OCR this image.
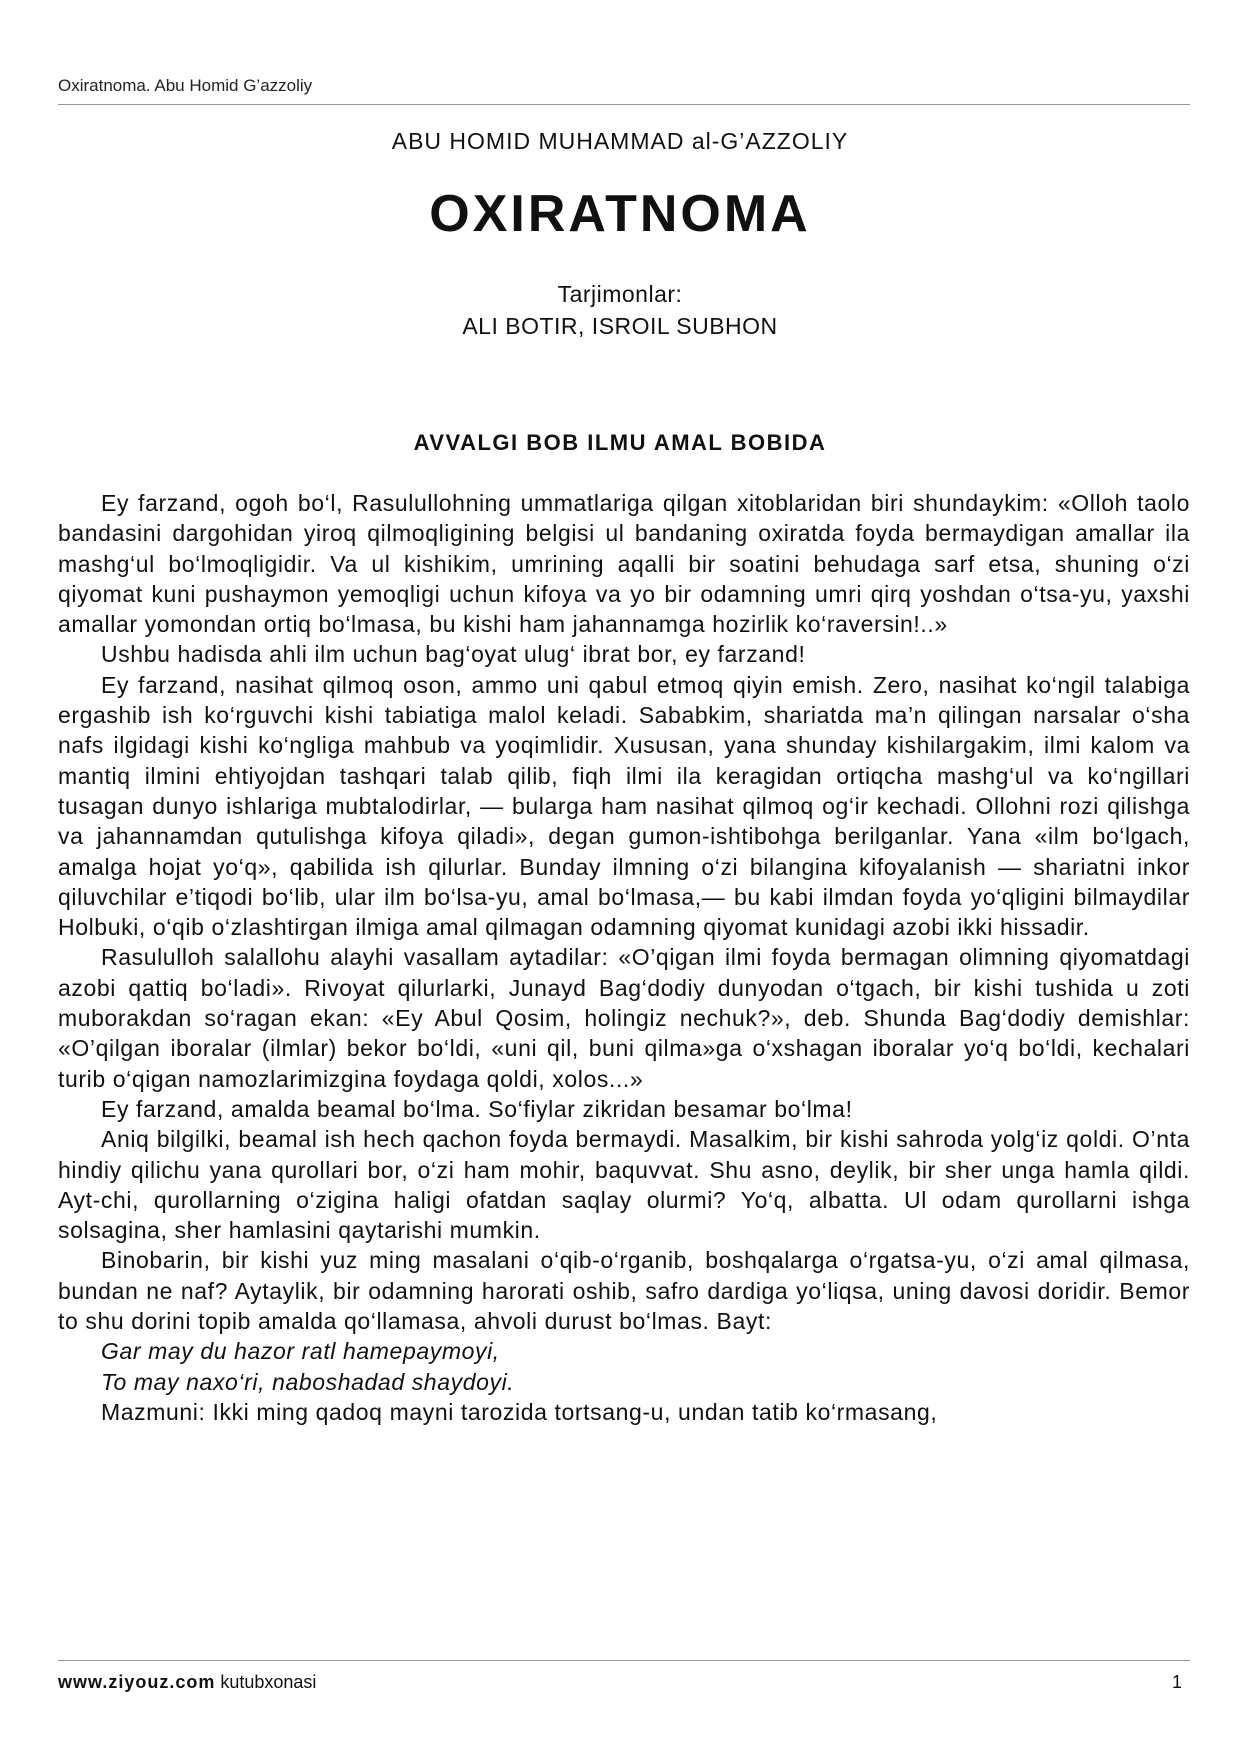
Oxiratnoma. Abu Homid G’azzoliy
ABU HOMID MUHAMMAD al-G’AZZOLIY
OXIRATNOMA
Tarjimonlar:
ALI BOTIR, ISROIL SUBHON
AVVALGI BOB ILMU AMAL BOBIDA

Ey farzand, ogoh bo‘l, Rasulullohning ummatlariga qilgan xitoblaridan biri shundaykim: «Olloh taolo bandasini dargohidan yiroq qilmoqligining belgisi ul bandaning oxiratda foyda bermaydigan amallar ila mashg‘ul bo‘lmoqligidir. Va ul kishikim, umrining aqalli bir soatini behudaga sarf etsa, shuning o‘zi qiyomat kuni pushaymon yemoqligi uchun kifoya va yo bir odamning umri qirq yoshdan o‘tsa-yu, yaxshi amallar yomondan ortiq bo‘lmasa, bu kishi ham jahannamga hozirlik ko‘raversin!..»

Ushbu hadisda ahli ilm uchun bag‘oyat ulug‘ ibrat bor, ey farzand!

Ey farzand, nasihat qilmoq oson, ammo uni qabul etmoq qiyin emish. Zero, nasihat ko‘ngil talabiga ergashib ish ko‘rguvchi kishi tabiatiga malol keladi. Sababkim, shariatda ma’n qilingan narsalar o‘sha nafs ilgidagi kishi ko‘ngliga mahbub va yoqimlidir. Xususan, yana shunday kishilargakim, ilmi kalom va mantiq ilmini ehtiyojdan tashqari talab qilib, fiqh ilmi ila keragidan ortiqcha mashg‘ul va ko‘ngillari tusagan dunyo ishlariga mubtalodirlar, — bularga ham nasihat qilmoq og‘ir kechadi. Ollohni rozi qilishga va jahannamdan qutulishga kifoya qiladi», degan gumon-ishtibohga berilganlar. Yana «ilm bo‘lgach, amalga hojat yo‘q», qabilida ish qilurlar. Bunday ilmning o‘zi bilangina kifoyalanish — shariatni inkor qiluvchilar e’tiqodi bo‘lib, ular ilm bo‘lsa-yu, amal bo‘lmasa,— bu kabi ilmdan foyda yo‘qligini bilmaydilar Holbuki, o‘qib o‘zlashtirgan ilmiga amal qilmagan odamning qiyomat kunidagi azobi ikki hissadir.

Rasululloh salallohu alayhi vasallam aytadilar: «O’qigan ilmi foyda bermagan olimning qiyomatdagi azobi qattiq bo‘ladi». Rivoyat qilurlarki, Junayd Bag‘dodiy dunyodan o‘tgach, bir kishi tushida u zoti muborakdan so‘ragan ekan: «Ey Abul Qosim, holingiz nechuk?», deb. Shunda Bag‘dodiy demishlar: «O’qilgan iboralar (ilmlar) bekor bo‘ldi, «uni qil, buni qilma»ga o‘xshagan iboralar yo‘q bo‘ldi, kechalari turib o‘qigan namozlarimizgina foydaga qoldi, xolos...»

Ey farzand, amalda beamal bo‘lma. So‘fiylar zikridan besamar bo‘lma!

Aniq bilgilki, beamal ish hech qachon foyda bermaydi. Masalkim, bir kishi sahroda yolg‘iz qoldi. O’nta hindiy qilichu yana qurollari bor, o‘zi ham mohir, baquvvat. Shu asno, deylik, bir sher unga hamla qildi. Ayt-chi, qurollarning o‘zigina haligi ofatdan saqlay olurmi? Yo‘q, albatta. Ul odam qurollarni ishga solsagina, sher hamlasini qaytarishi mumkin.

Binobarin, bir kishi yuz ming masalani o‘qib-o‘rganib, boshqalarga o‘rgatsa-yu, o‘zi amal qilmasa, bundan ne naf? Aytaylik, bir odamning harorati oshib, safro dardiga yo‘liqsa, uning davosi doridir. Bemor to shu dorini topib amalda qo‘llamasa, ahvoli durust bo‘lmas. Bayt:

Gar may du hazor ratl hamepaymoyi,

To may naxo‘ri, naboshadad shaydoyi.

Mazmuni: Ikki ming qadoq mayni tarozida tortsang-u, undan tatib ko‘rmasang,

www.ziyouz.com kutubxonasi	1
